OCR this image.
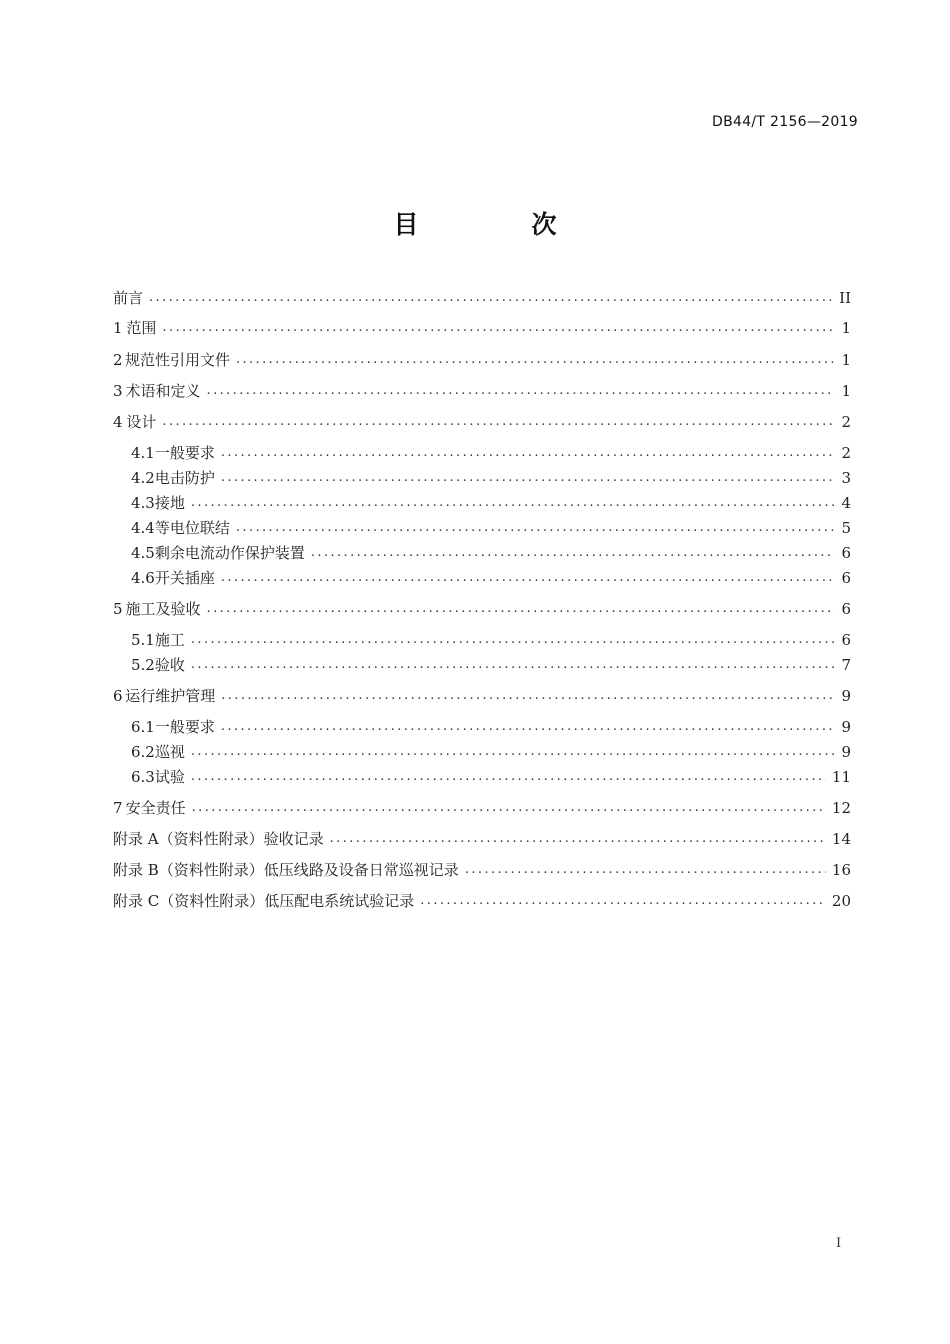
DB44/T 2156—2019
目　次
前言 .....	II
1 范围 .....	1
2 规范性引用文件 .....	1
3 术语和定义 .....	1
4 设计 .....	2
4.1 一般要求 .....	2
4.2 电击防护 .....	3
4.3 接地 .....	4
4.4 等电位联结 .....	5
4.5 剩余电流动作保护装置 .....	6
4.6 开关插座 .....	6
5 施工及验收 .....	6
5.1 施工 .....	6
5.2 验收 .....	7
6 运行维护管理 .....	9
6.1 一般要求 .....	9
6.2 巡视 .....	9
6.3 试验 .....	11
7 安全责任 .....	12
附录 A（资料性附录） 验收记录 .....	14
附录 B（资料性附录） 低压线路及设备日常巡视记录 .....	16
附录 C（资料性附录） 低压配电系统试验记录 .....	20
I
